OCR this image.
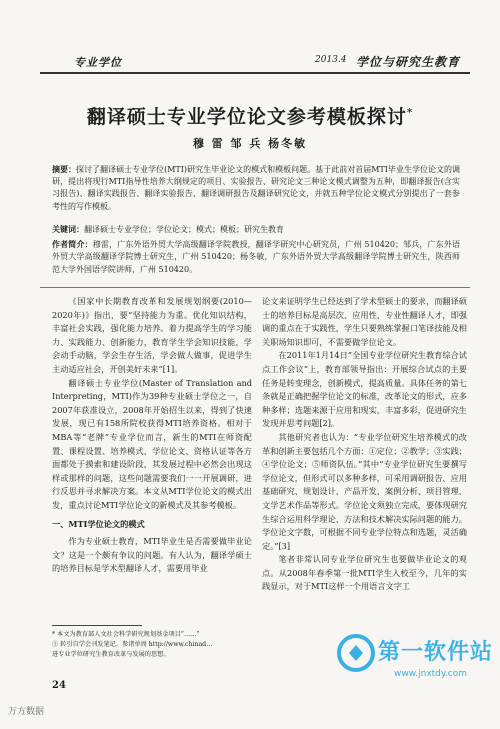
专业学位	2013.4 学位与研究生教育
翻译硕士专业学位论文参考模板探讨*
穆 雷 邹 兵 杨冬敏
摘要：探讨了翻译硕士专业学位(MTI)研究生毕业论文的模式和模板问题。基于此前对首届MTI毕业生学位论文的调研，提出将现行MTI指导性培养大纲规定的项目、实验报告、研究论文三种论文模式调整为五种，即翻译报告(含实习报告)、翻译实践报告、翻译实验报告、翻译调研报告及翻译研究论文，并就五种学位论文模式分别提出了一套参考性的写作模板。
关键词：翻译硕士专业学位；学位论文；模式；模板；研究生教育
作者简介：穆雷，广东外语外贸大学高级翻译学院教授，翻译学研究中心研究员，广州 510420；邹兵，广东外语外贸大学高级翻译学院博士研究生，广州 510420；杨冬敏，广东外语外贸大学高级翻译学院博士研究生，陕西师范大学外国语学院讲师，广州 510420。

《国家中长期教育改革和发展规划纲要(2010—2020年)》指出，要“坚持能力为重。优化知识结构，丰富社会实践，强化能力培养。着力提高学生的学习能力、实践能力、创新能力，教育学生学会知识技能，学会动手动脑，学会生存生活，学会做人做事，促进学生主动适应社会，开创美好未来”[1]。

翻译硕士专业学位(Master of Translation and Interpreting，MTI)作为39种专业硕士学位之一，自2007年获准设立，2008年开始招生以来，得到了快速发展，现已有158所院校获得MTI培养资格。相对于MBA等“老牌”专业学位而言，新生的MTI在师资配置、课程设置、培养模式、学位论文、资格认证等各方面都处于摸索和建设阶段，其发展过程中必然会出现这样或那样的问题，这些问题需要我们一一开展调研，进行反思并寻求解决方案。本文从MTI学位论文的模式出发，重点讨论MTI学位论文的新模式及其参考模板。

一、MTI学位论文的模式

作为专业硕士教育，MTI毕业生是否需要做毕业论文？这是一个颇有争议的问题。有人认为，翻译学硕士的培养目标是学术型翻译人才，需要用毕业

论文来证明学生已经达到了学术型硕士的要求，而翻译硕士的培养目标是高层次、应用性、专业性翻译人才，即强调的重点在于实践性，学生只要熟练掌握口笔译技能及相关职场知识即可，不需要做学位论文。

在2011年1月14日“全国专业学位研究生教育综合试点工作会议”上，教育部领导指出：开展综合试点的主要任务是转变理念，创新模式，提高质量。具体任务的第七条就是正确把握学位论文的标准，改革论文的形式，应多种多样；选题来源于应用和现实，丰富多彩，促进研究生发现并思考问题[2]。

其他研究者也认为：“专业学位研究生培养模式的改革和创新主要包括几个方面：①定位；②教学；③实践；④学位论文；⑤师资队伍。”其中“专业学位研究生要撰写学位论文，但形式可以多种多样，可采用调研报告、应用基础研究、规划设计、产品开发、案例分析、项目管理、文学艺术作品等形式。学位论文须独立完成，要体现研究生综合运用科学理论、方法和技术解决实际问题的能力。学位论文字数，可根据不同专业学位特点和选题，灵活确定。”[3]

笔者非常认同专业学位研究生也要做毕业论文的观点。从2008年春季第一批MTI学生入校至今，几年的实践显示，对于MTI这样一个用语言文字工

* 本文为教育部人文社会科学研究规划基金项目“……”
① 转引自学会刊发笔记，参诸单周 http://www.chinad…
进专业学位研究生教育改革与发展的思想。
24
万方数据
第一软件站
www.jnxtdy.com
